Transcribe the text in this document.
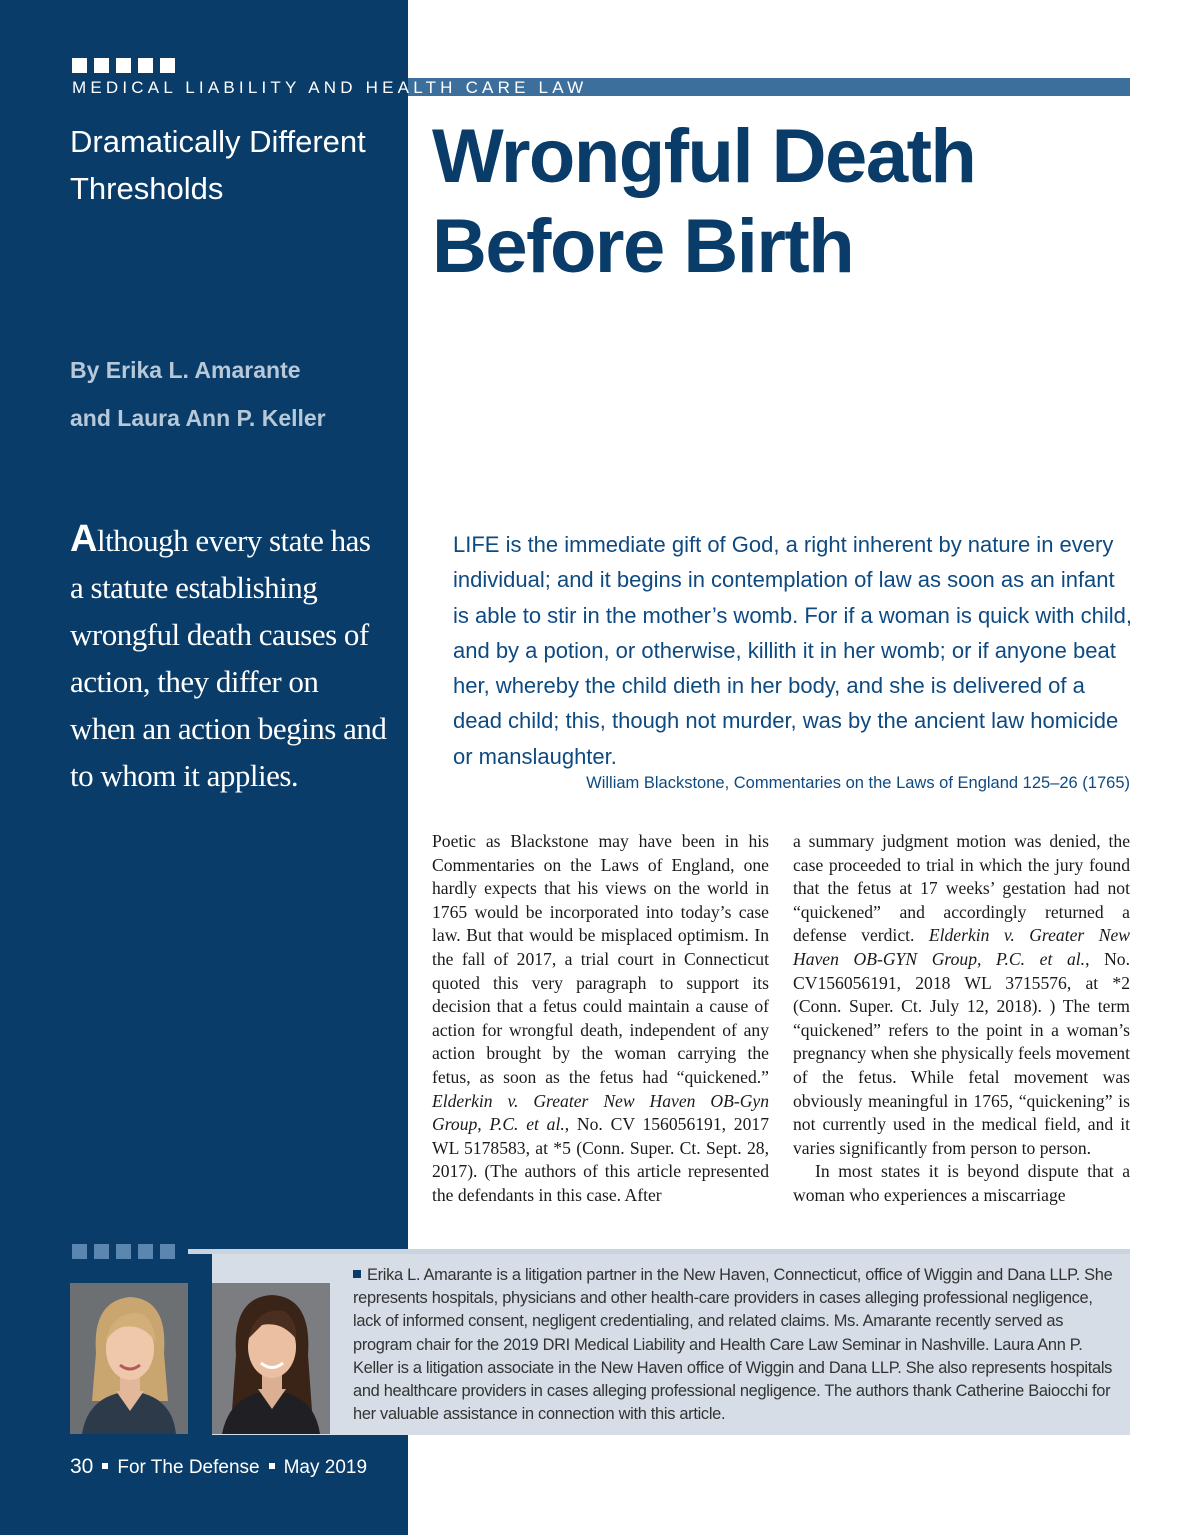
MEDICAL LIABILITY AND HEALTH CARE LAW
Dramatically Different
Thresholds	Wrongful Death
Before Birth
By Erika L. Amarante
and Laura Ann P. Keller
Although every state has a statute establishing wrongful death causes of action, they differ on when an action begins and to whom it applies.
LIFE is the immediate gift of God, a right inherent by nature in every individual; and it begins in contemplation of law as soon as an infant is able to stir in the mother’s womb. For if a woman is quick with child, and by a potion, or otherwise, killith it in her womb; or if anyone beat her, whereby the child dieth in her body, and she is delivered of a dead child; this, though not murder, was by the ancient law homicide or manslaughter.
William Blackstone, Commentaries on the Laws of England 125–26 (1765)

Poetic as Blackstone may have been in his Commentaries on the Laws of England, one hardly expects that his views on the world in 1765 would be incorporated into today’s case law. But that would be misplaced optimism. In the fall of 2017, a trial court in Connecticut quoted this very paragraph to support its decision that a fetus could maintain a cause of action for wrongful death, independent of any action brought by the woman carrying the fetus, as soon as the fetus had “quickened.” Elderkin v. Greater New Haven OB-Gyn Group, P.C. et al., No. CV 156056191, 2017 WL 5178583, at *5 (Conn. Super. Ct. Sept. 28, 2017). (The authors of this article represented the defendants in this case. After

a summary judgment motion was denied, the case proceeded to trial in which the jury found that the fetus at 17 weeks’ gestation had not “quickened” and accordingly returned a defense verdict. Elderkin v. Greater New Haven OB-GYN Group, P.C. et al., No. CV156056191, 2018 WL 3715576, at *2 (Conn. Super. Ct. July 12, 2018). ) The term “quickened” refers to the point in a woman’s pregnancy when she physically feels movement of the fetus. While fetal movement was obviously meaningful in 1765, “quickening” is not currently used in the medical field, and it varies significantly from person to person.

In most states it is beyond dispute that a woman who experiences a miscarriage

Erika L. Amarante is a litigation partner in the New Haven, Connecticut, office of Wiggin and Dana LLP. She represents hospitals, physicians and other health-care providers in cases alleging professional negligence, lack of informed consent, negligent credentialing, and related claims. Ms. Amarante recently served as program chair for the 2019 DRI Medical Liability and Health Care Law Seminar in Nashville. Laura Ann P. Keller is a litigation associate in the New Haven office of Wiggin and Dana LLP. She also represents hospitals and healthcare providers in cases alleging professional negligence. The authors thank Catherine Baiocchi for her valuable assistance in connection with this article.
30 For The Defense May 2019
